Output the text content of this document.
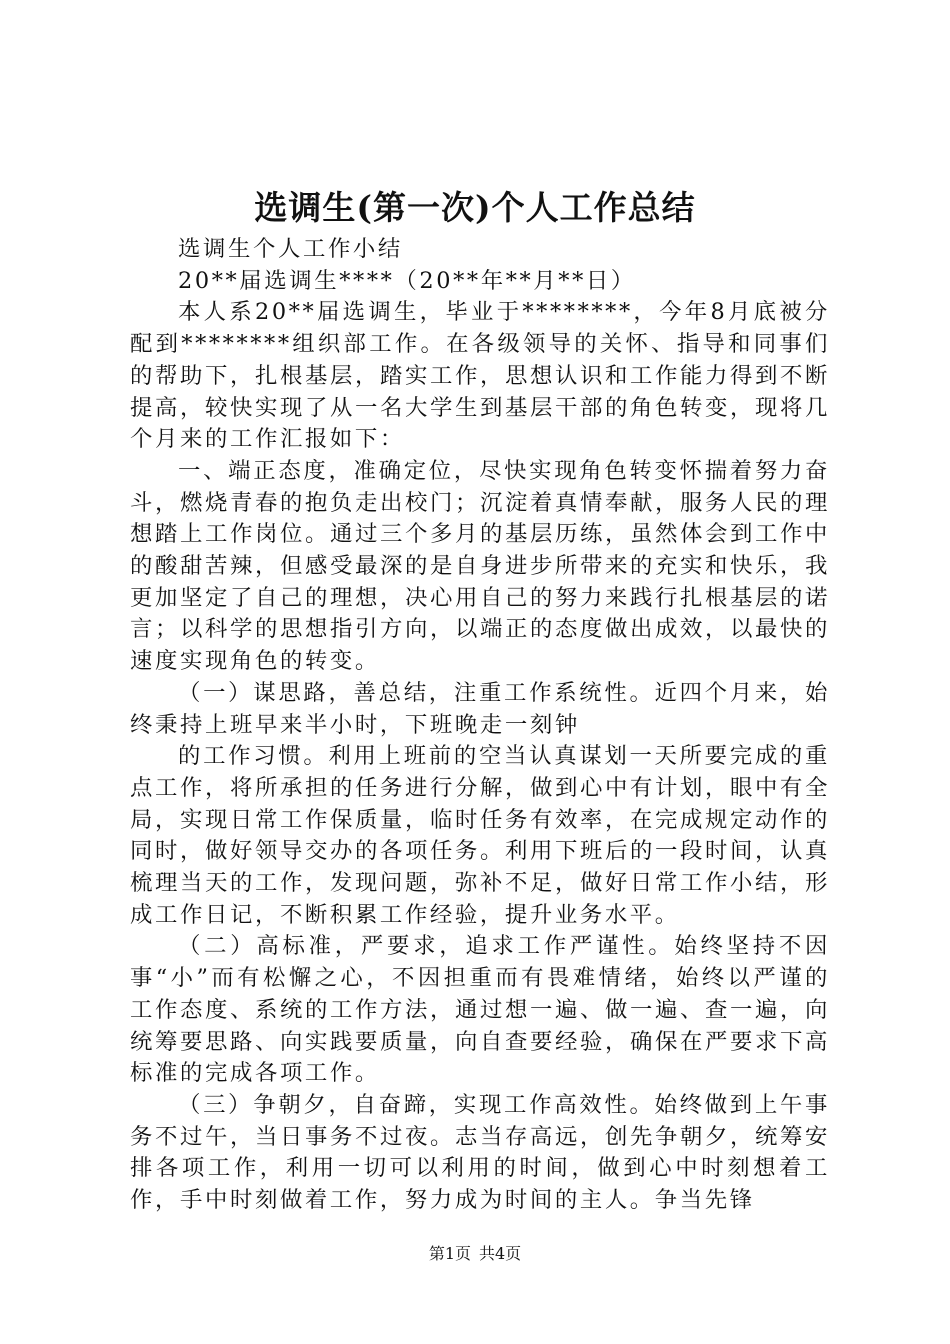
选调生(第一次)个人工作总结

选调生个人工作小结

20**届选调生****（20**年**月**日）

本人系20**届选调生，毕业于********，今年8月底被分配到********组织部工作。在各级领导的关怀、指导和同事们的帮助下，扎根基层，踏实工作，思想认识和工作能力得到不断提高，较快实现了从一名大学生到基层干部的角色转变，现将几个月来的工作汇报如下：

一、端正态度，准确定位，尽快实现角色转变怀揣着努力奋斗，燃烧青春的抱负走出校门；沉淀着真情奉献，服务人民的理想踏上工作岗位。通过三个多月的基层历练，虽然体会到工作中的酸甜苦辣，但感受最深的是自身进步所带来的充实和快乐，我更加坚定了自己的理想，决心用自己的努力来践行扎根基层的诺言；以科学的思想指引方向，以端正的态度做出成效，以最快的速度实现角色的转变。

（一）谋思路，善总结，注重工作系统性。近四个月来，始终秉持上班早来半小时，下班晚走一刻钟

的工作习惯。利用上班前的空当认真谋划一天所要完成的重点工作，将所承担的任务进行分解，做到心中有计划，眼中有全局，实现日常工作保质量，临时任务有效率，在完成规定动作的同时，做好领导交办的各项任务。利用下班后的一段时间，认真梳理当天的工作，发现问题，弥补不足，做好日常工作小结，形成工作日记，不断积累工作经验，提升业务水平。

（二）高标准，严要求，追求工作严谨性。始终坚持不因事“小”而有松懈之心，不因担重而有畏难情绪，始终以严谨的工作态度、系统的工作方法，通过想一遍、做一遍、查一遍，向统筹要思路、向实践要质量，向自查要经验，确保在严要求下高标准的完成各项工作。

（三）争朝夕，自奋蹄，实现工作高效性。始终做到上午事务不过午，当日事务不过夜。志当存高远，创先争朝夕，统筹安排各项工作，利用一切可以利用的时间，做到心中时刻想着工作，手中时刻做着工作，努力成为时间的主人。争当先锋

第1页 共4页
